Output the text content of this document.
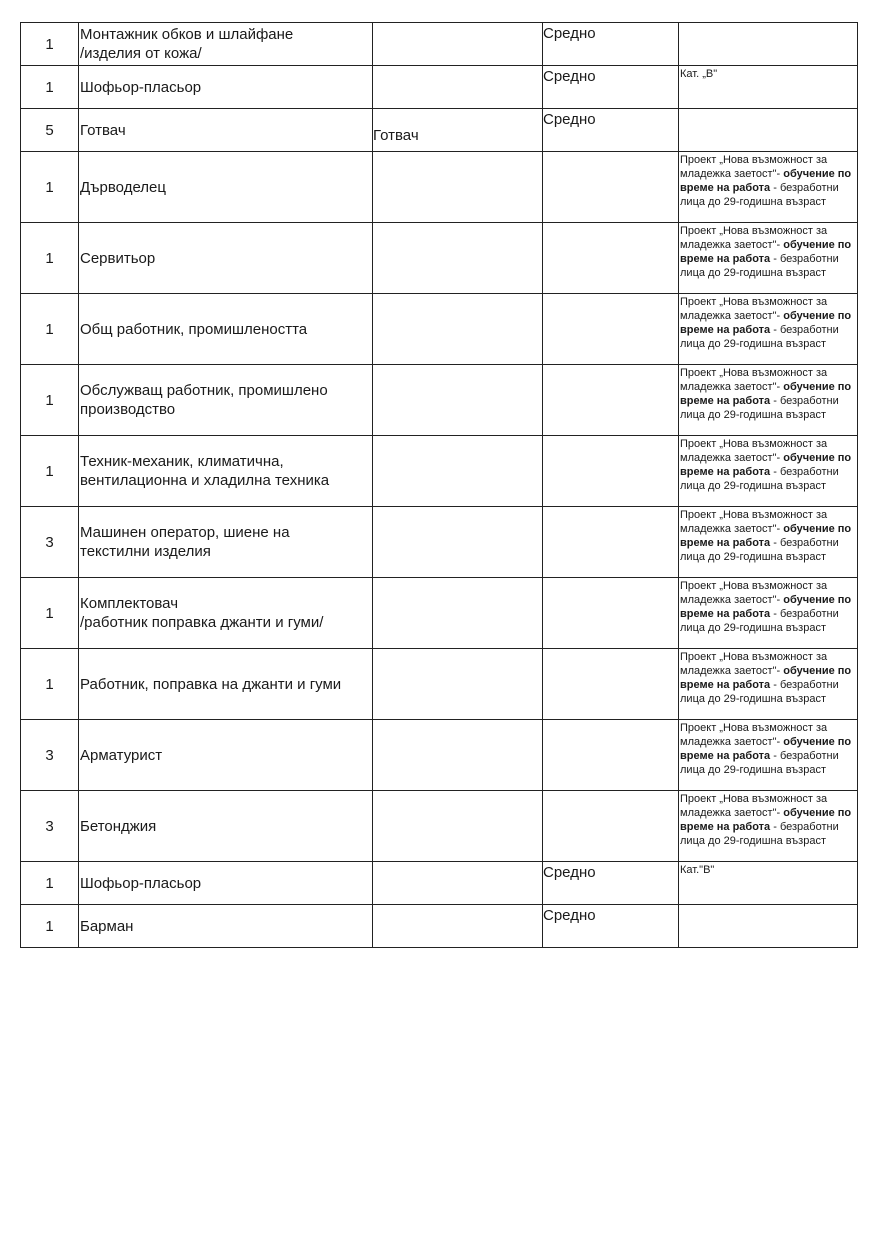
1	Монтажник обков и шлайфане
/изделия от кожа/		Средно	
1	Шофьор-пласьор		Средно	Кат. „В"
5	Готвач	Готвач	Средно	
1	Дърводелец			Проект „Нова възможност за младежка заетост"- обучение по време на работа - безработни лица до 29-годишна възраст
1	Сервитьор			Проект „Нова възможност за младежка заетост"- обучение по време на работа - безработни лица до 29-годишна възраст
1	Общ работник, промишлеността			Проект „Нова възможност за младежка заетост"- обучение по време на работа - безработни лица до 29-годишна възраст
1	Обслужващ работник, промишлено
производство			Проект „Нова възможност за младежка заетост"- обучение по време на работа - безработни лица до 29-годишна възраст
1	Техник-механик, климатична,
вентилационна и хладилна техника			Проект „Нова възможност за младежка заетост"- обучение по време на работа - безработни лица до 29-годишна възраст
3	Машинен оператор, шиене на
текстилни изделия			Проект „Нова възможност за младежка заетост"- обучение по време на работа - безработни лица до 29-годишна възраст
1	Комплектовач
/работник поправка джанти и гуми/			Проект „Нова възможност за младежка заетост"- обучение по време на работа - безработни лица до 29-годишна възраст
1	Работник, поправка на джанти и гуми			Проект „Нова възможност за младежка заетост"- обучение по време на работа - безработни лица до 29-годишна възраст
3	Арматурист			Проект „Нова възможност за младежка заетост"- обучение по време на работа - безработни лица до 29-годишна възраст
3	Бетонджия			Проект „Нова възможност за младежка заетост"- обучение по време на работа - безработни лица до 29-годишна възраст
1	Шофьор-пласьор		Средно	Кат."В"
1	Барман		Средно	
